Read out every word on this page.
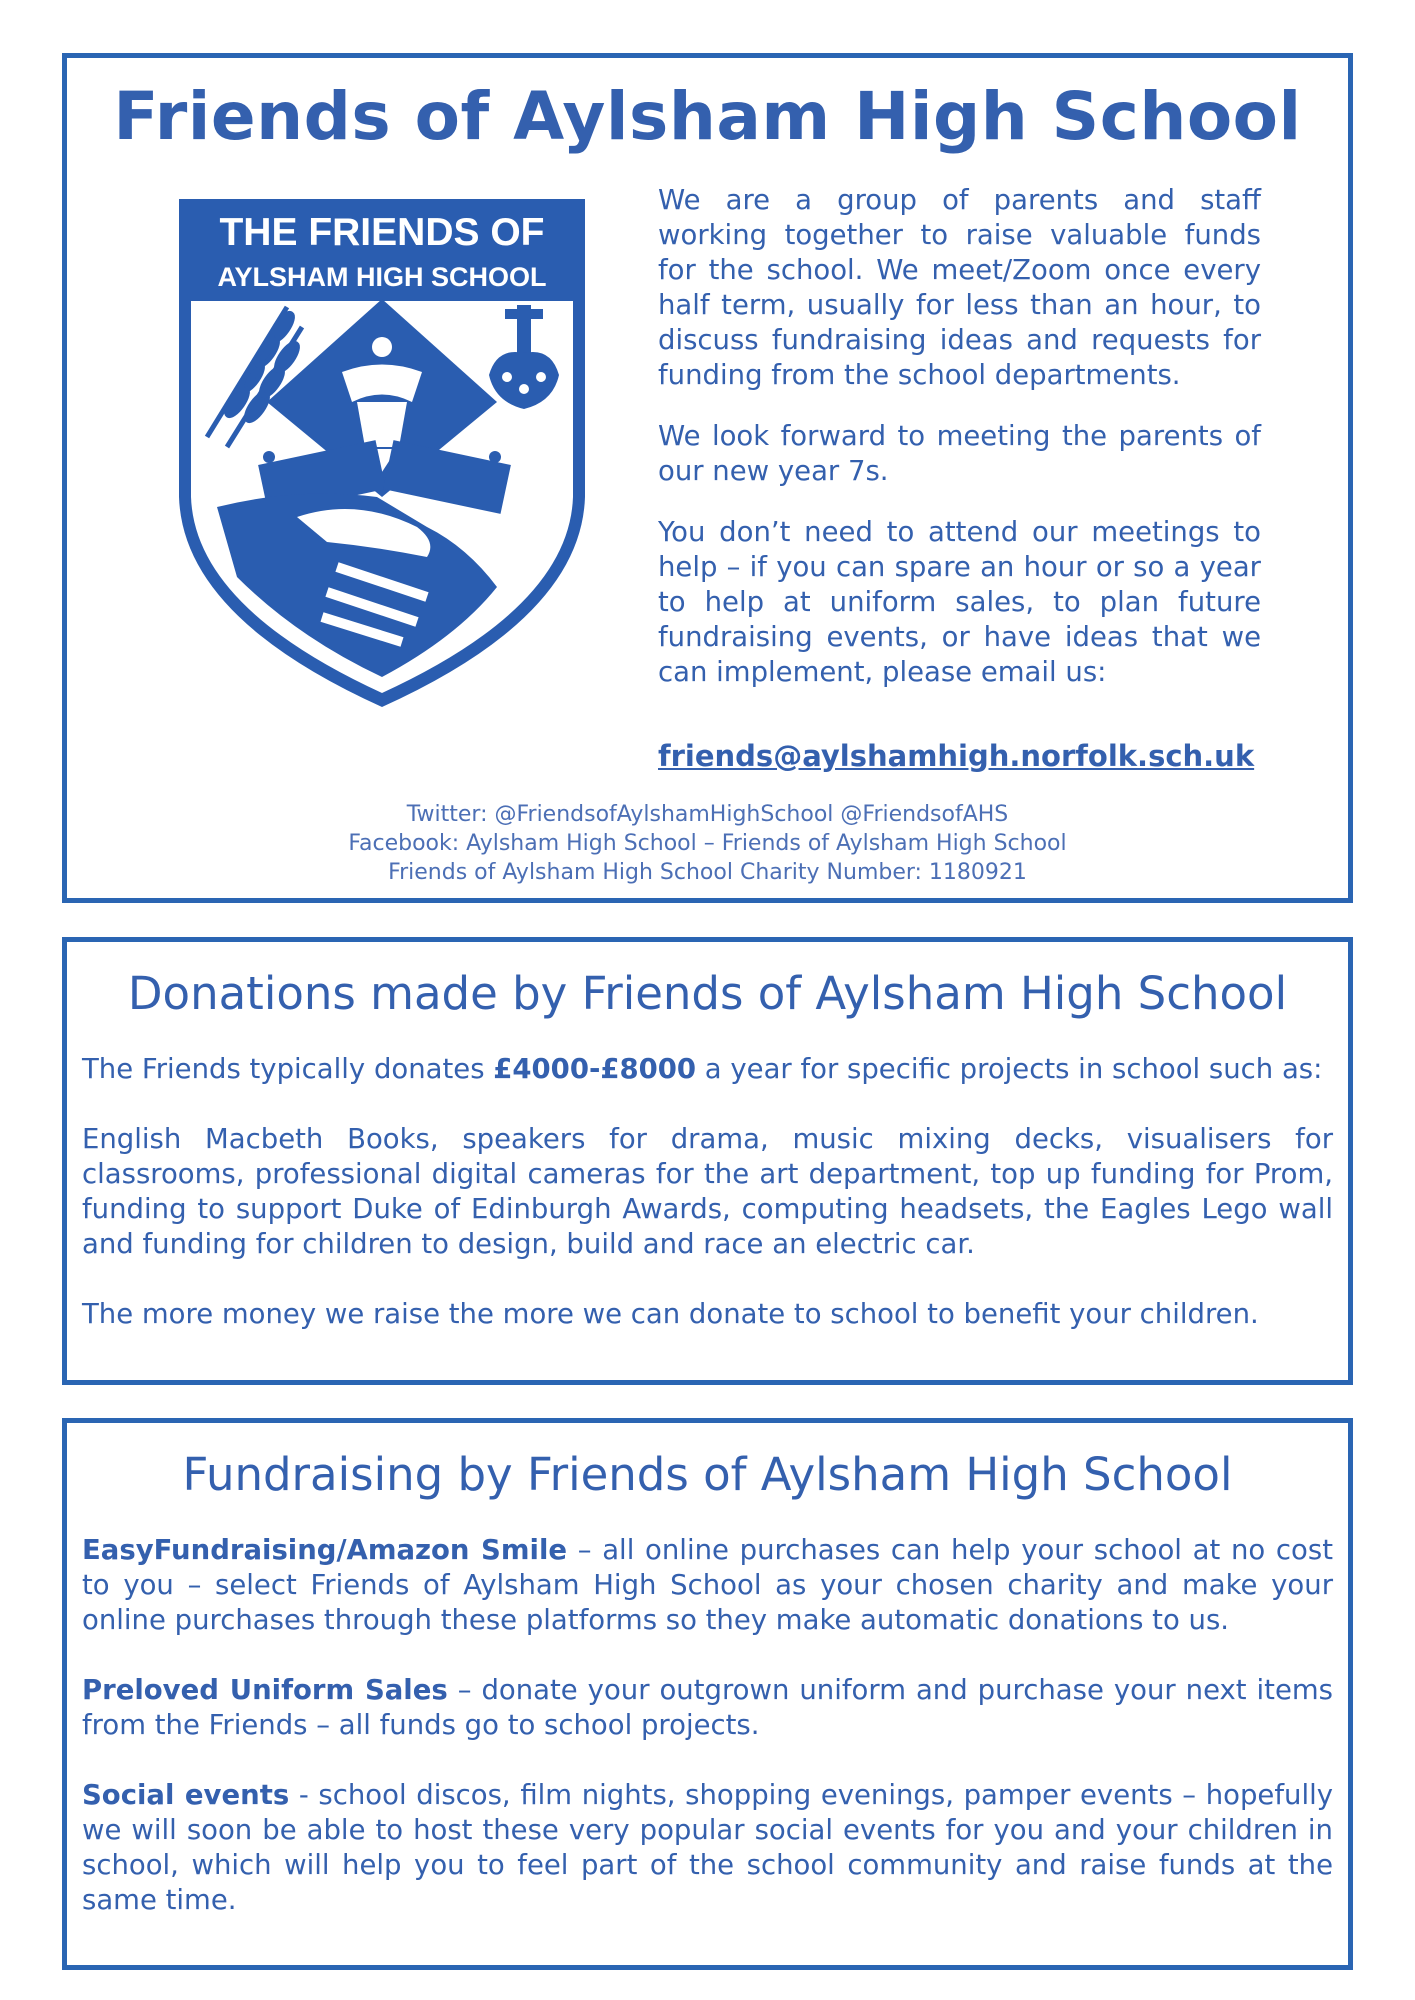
Friends of Aylsham High School
THE FRIENDS OF
AYLSHAM HIGH SCHOOL

We are a group of parents and staff working together to raise valuable funds for the school. We meet/Zoom once every half term, usually for less than an hour, to discuss fundraising ideas and requests for funding from the school departments.

We look forward to meeting the parents of our new year 7s.

You don’t need to attend our meetings to help – if you can spare an hour or so a year to help at uniform sales, to plan future fundraising events, or have ideas that we can implement, please email us:

friends@aylshamhigh.norfolk.sch.uk
Twitter: @FriendsofAylshamHighSchool @FriendsofAHS
Facebook: Aylsham High School – Friends of Aylsham High School
Friends of Aylsham High School Charity Number: 1180921
Donations made by Friends of Aylsham High School

The Friends typically donates £4000-£8000 a year for specific projects in school such as:

English Macbeth Books, speakers for drama, music mixing decks, visualisers for classrooms, professional digital cameras for the art department, top up funding for Prom, funding to support Duke of Edinburgh Awards, computing headsets, the Eagles Lego wall and funding for children to design, build and race an electric car.

The more money we raise the more we can donate to school to benefit your children.

Fundraising by Friends of Aylsham High School

EasyFundraising/Amazon Smile – all online purchases can help your school at no cost to you – select Friends of Aylsham High School as your chosen charity and make your online purchases through these platforms so they make automatic donations to us.

Preloved Uniform Sales – donate your outgrown uniform and purchase your next items from the Friends – all funds go to school projects.

Social events - school discos, film nights, shopping evenings, pamper events – hopefully we will soon be able to host these very popular social events for you and your children in school, which will help you to feel part of the school community and raise funds at the same time.
